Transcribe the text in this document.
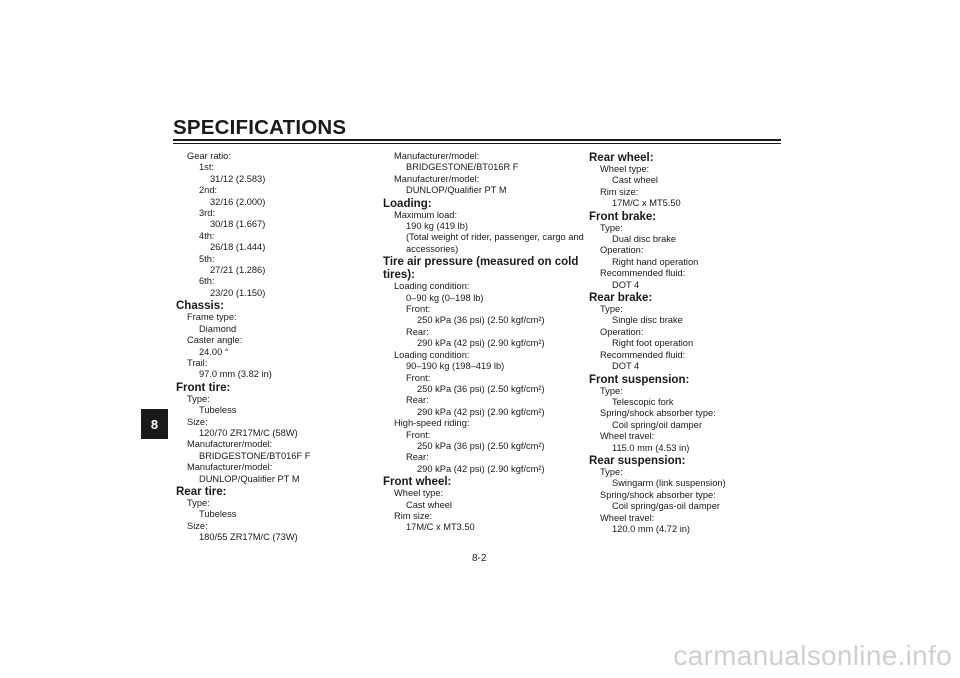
SPECIFICATIONS
8
Gear ratio:
1st:
31/12 (2.583)
2nd:
32/16 (2.000)
3rd:
30/18 (1.667)
4th:
26/18 (1.444)
5th:
27/21 (1.286)
6th:
23/20 (1.150)
Chassis:
Frame type:
Diamond
Caster angle:
24.00 °
Trail:
97.0 mm (3.82 in)
Front tire:
Type:
Tubeless
Size:
120/70 ZR17M/C (58W)
Manufacturer/model:
BRIDGESTONE/BT016F F
Manufacturer/model:
DUNLOP/Qualifier PT M
Rear tire:
Type:
Tubeless
Size:
180/55 ZR17M/C (73W)
Manufacturer/model:
BRIDGESTONE/BT016R F
Manufacturer/model:
DUNLOP/Qualifier PT M
Loading:
Maximum load:
190 kg (419 lb)
(Total weight of rider, passenger, cargo and
accessories)
Tire air pressure (measured on cold
tires):
Loading condition:
0–90 kg (0–198 lb)
Front:
250 kPa (36 psi) (2.50 kgf/cm²)
Rear:
290 kPa (42 psi) (2.90 kgf/cm²)
Loading condition:
90–190 kg (198–419 lb)
Front:
250 kPa (36 psi) (2.50 kgf/cm²)
Rear:
290 kPa (42 psi) (2.90 kgf/cm²)
High-speed riding:
Front:
250 kPa (36 psi) (2.50 kgf/cm²)
Rear:
290 kPa (42 psi) (2.90 kgf/cm²)
Front wheel:
Wheel type:
Cast wheel
Rim size:
17M/C x MT3.50
Rear wheel:
Wheel type:
Cast wheel
Rim size:
17M/C x MT5.50
Front brake:
Type:
Dual disc brake
Operation:
Right hand operation
Recommended fluid:
DOT 4
Rear brake:
Type:
Single disc brake
Operation:
Right foot operation
Recommended fluid:
DOT 4
Front suspension:
Type:
Telescopic fork
Spring/shock absorber type:
Coil spring/oil damper
Wheel travel:
115.0 mm (4.53 in)
Rear suspension:
Type:
Swingarm (link suspension)
Spring/shock absorber type:
Coil spring/gas-oil damper
Wheel travel:
120.0 mm (4.72 in)
8-2
carmanualsonline.info
